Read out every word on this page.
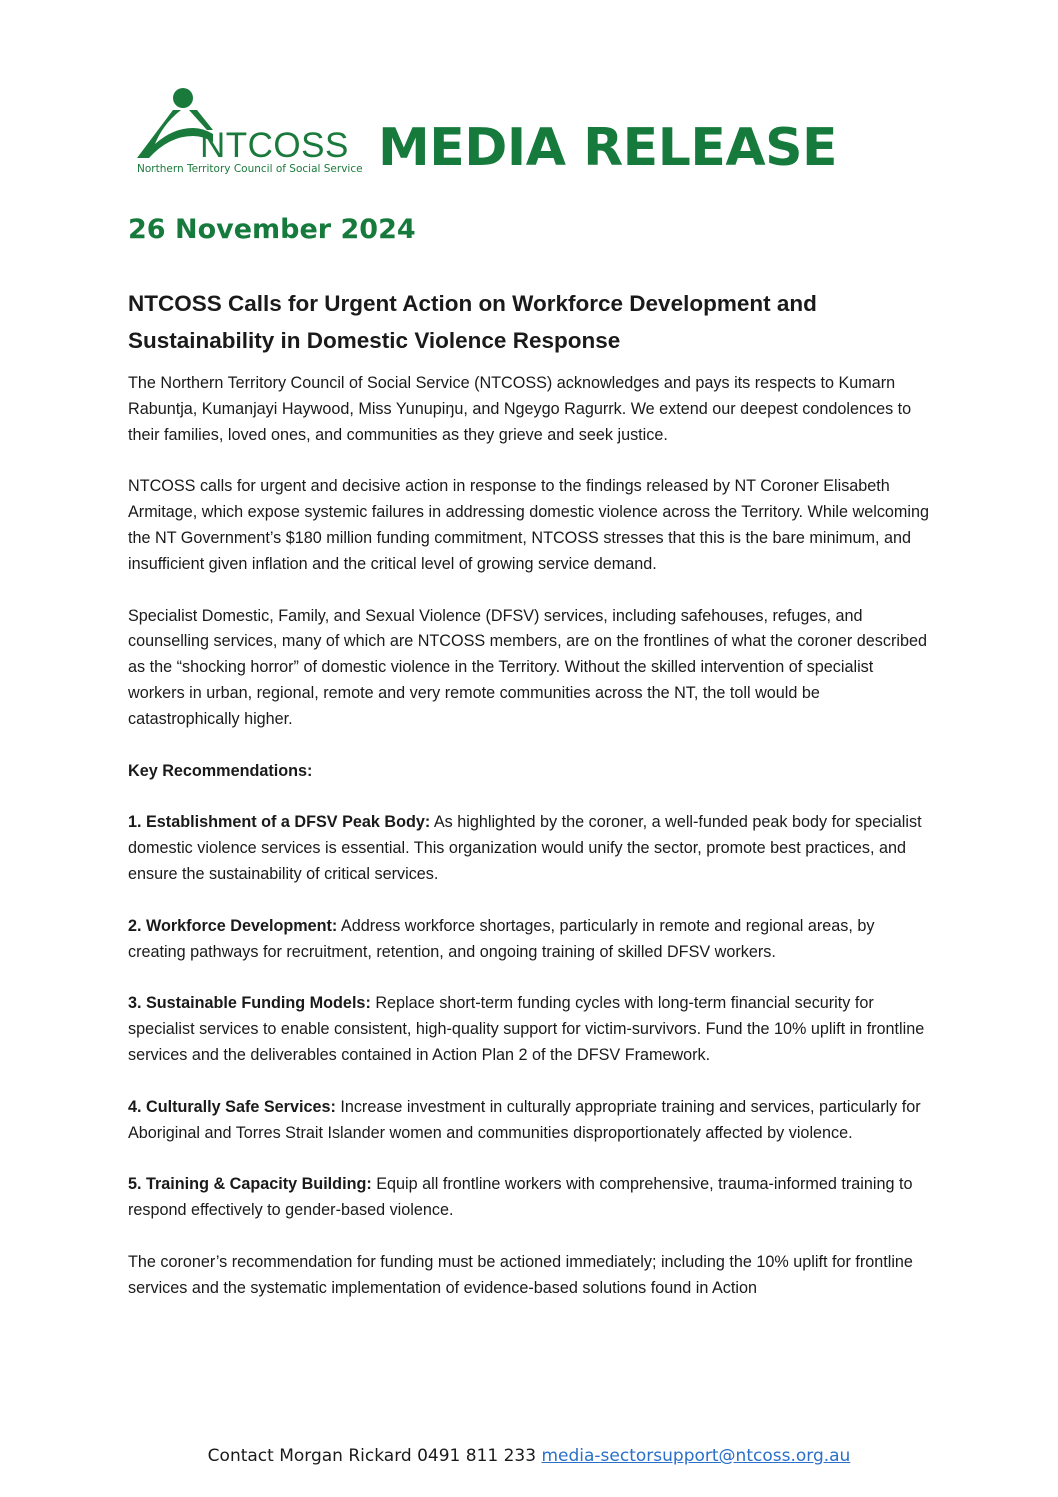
NTCOSS
Northern Territory Council of Social Service MEDIA RELEASE
26 November 2024
NTCOSS Calls for Urgent Action on Workforce Development and Sustainability in Domestic Violence Response

The Northern Territory Council of Social Service (NTCOSS) acknowledges and pays its respects to Kumarn Rabuntja, Kumanjayi Haywood, Miss Yunupiŋu, and Ngeygo Ragurrk. We extend our deepest condolences to their families, loved ones, and communities as they grieve and seek justice.

NTCOSS calls for urgent and decisive action in response to the findings released by NT Coroner Elisabeth Armitage, which expose systemic failures in addressing domestic violence across the Territory. While welcoming the NT Government’s $180 million funding commitment, NTCOSS stresses that this is the bare minimum, and insufficient given inflation and the critical level of growing service demand.

Specialist Domestic, Family, and Sexual Violence (DFSV) services, including safehouses, refuges, and counselling services, many of which are NTCOSS members, are on the frontlines of what the coroner described as the “shocking horror” of domestic violence in the Territory. Without the skilled intervention of specialist workers in urban, regional, remote and very remote communities across the NT, the toll would be catastrophically higher.

Key Recommendations:

1. Establishment of a DFSV Peak Body: As highlighted by the coroner, a well-funded peak body for specialist domestic violence services is essential. This organization would unify the sector, promote best practices, and ensure the sustainability of critical services.

2. Workforce Development: Address workforce shortages, particularly in remote and regional areas, by creating pathways for recruitment, retention, and ongoing training of skilled DFSV workers.

3. Sustainable Funding Models: Replace short-term funding cycles with long-term financial security for specialist services to enable consistent, high-quality support for victim-survivors. Fund the 10% uplift in frontline services and the deliverables contained in Action Plan 2 of the DFSV Framework.

4. Culturally Safe Services: Increase investment in culturally appropriate training and services, particularly for Aboriginal and Torres Strait Islander women and communities disproportionately affected by violence.

5. Training & Capacity Building: Equip all frontline workers with comprehensive, trauma-informed training to respond effectively to gender-based violence.

The coroner’s recommendation for funding must be actioned immediately; including the 10% uplift for frontline services and the systematic implementation of evidence-based solutions found in Action

Contact Morgan Rickard 0491 811 233 media-sectorsupport@ntcoss.org.au
